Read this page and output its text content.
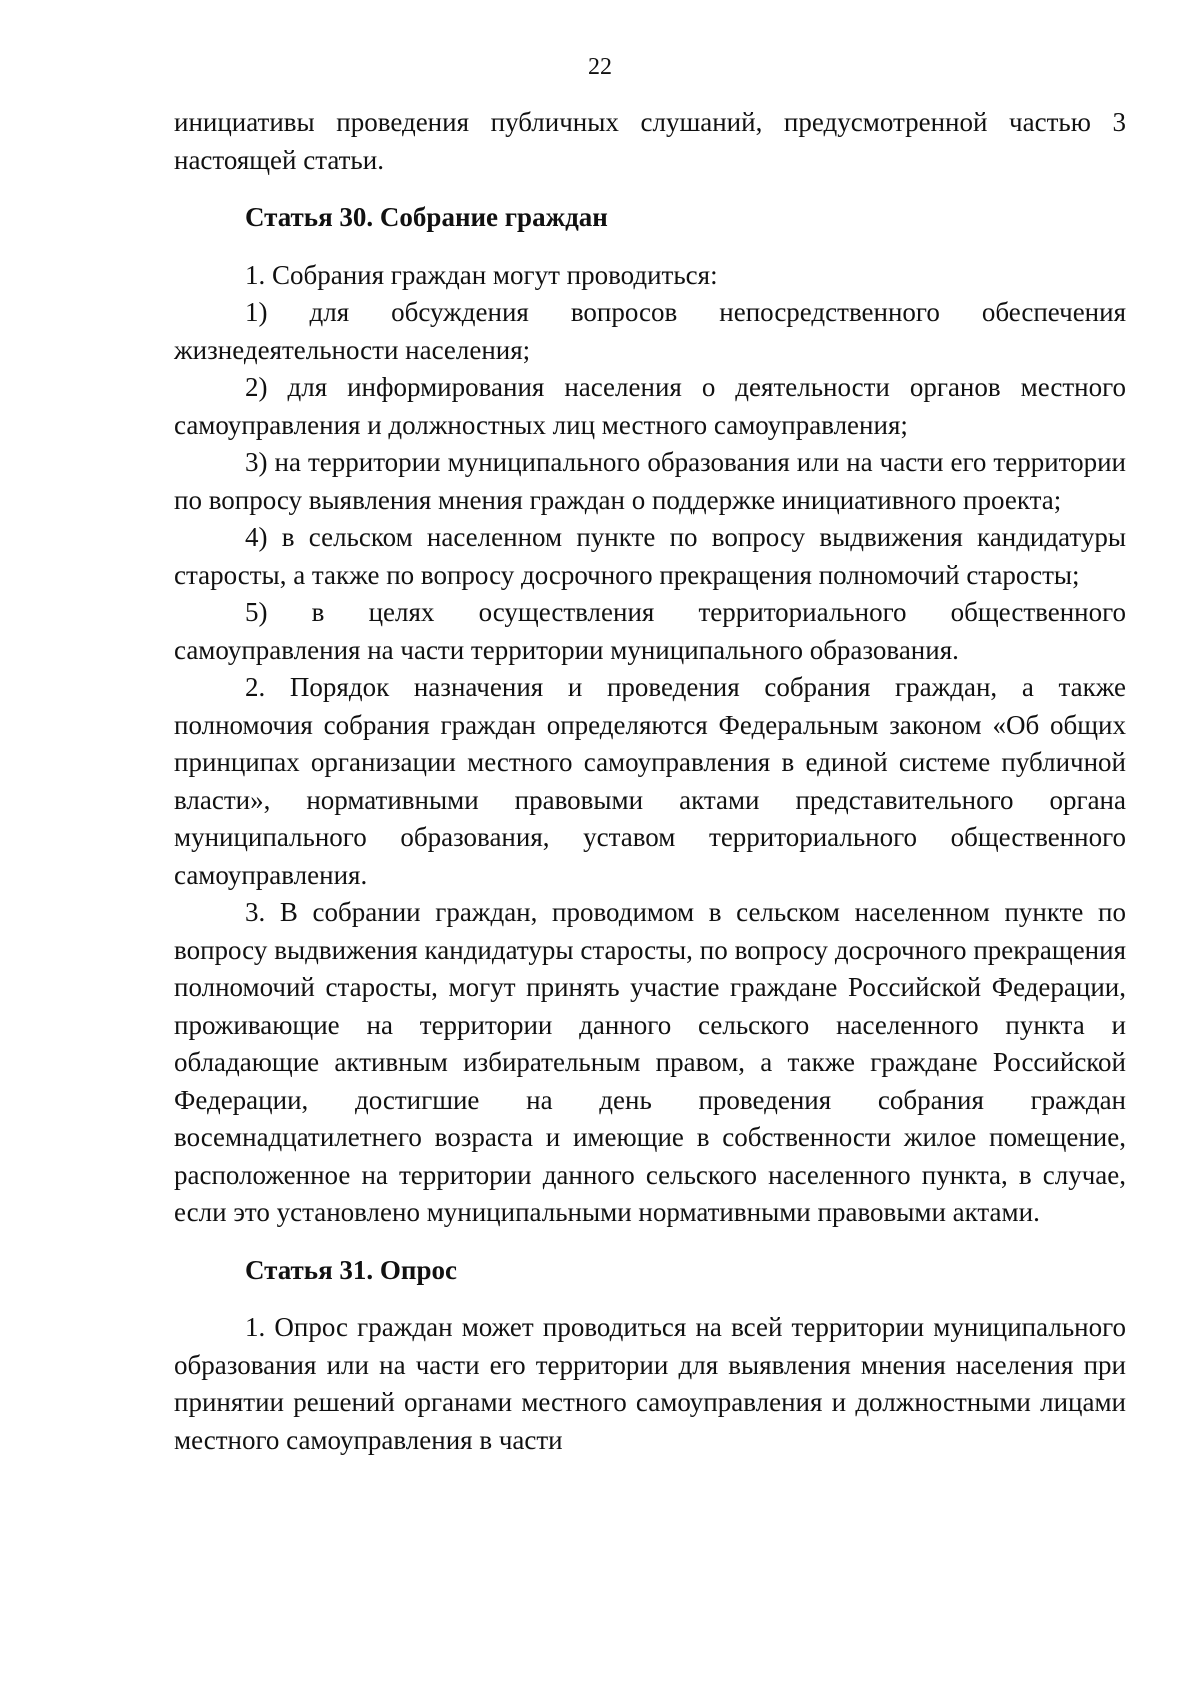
22

инициативы проведения публичных слушаний, предусмотренной частью 3 настоящей статьи.

Статья 30. Собрание граждан

1. Собрания граждан могут проводиться:

1) для обсуждения вопросов непосредственного обеспечения жизнедеятельности населения;

2) для информирования населения о деятельности органов местного самоуправления и должностных лиц местного самоуправления;

3) на территории муниципального образования или на части его территории по вопросу выявления мнения граждан о поддержке инициативного проекта;

4) в сельском населенном пункте по вопросу выдвижения кандидатуры старосты, а также по вопросу досрочного прекращения полномочий старосты;

5) в целях осуществления территориального общественного самоуправления на части территории муниципального образования.

2. Порядок назначения и проведения собрания граждан, а также полномочия собрания граждан определяются Федеральным законом «Об общих принципах организации местного самоуправления в единой системе публичной власти», нормативными правовыми актами представительного органа муниципального образования, уставом территориального общественного самоуправления.

3. В собрании граждан, проводимом в сельском населенном пункте по вопросу выдвижения кандидатуры старосты, по вопросу досрочного прекращения полномочий старосты, могут принять участие граждане Российской Федерации, проживающие на территории данного сельского населенного пункта и обладающие активным избирательным правом, а также граждане Российской Федерации, достигшие на день проведения собрания граждан восемнадцатилетнего возраста и имеющие в собственности жилое помещение, расположенное на территории данного сельского населенного пункта, в случае, если это установлено муниципальными нормативными правовыми актами.

Статья 31. Опрос

1. Опрос граждан может проводиться на всей территории муниципального образования или на части его территории для выявления мнения населения при принятии решений органами местного самоуправления и должностными лицами местного самоуправления в части
